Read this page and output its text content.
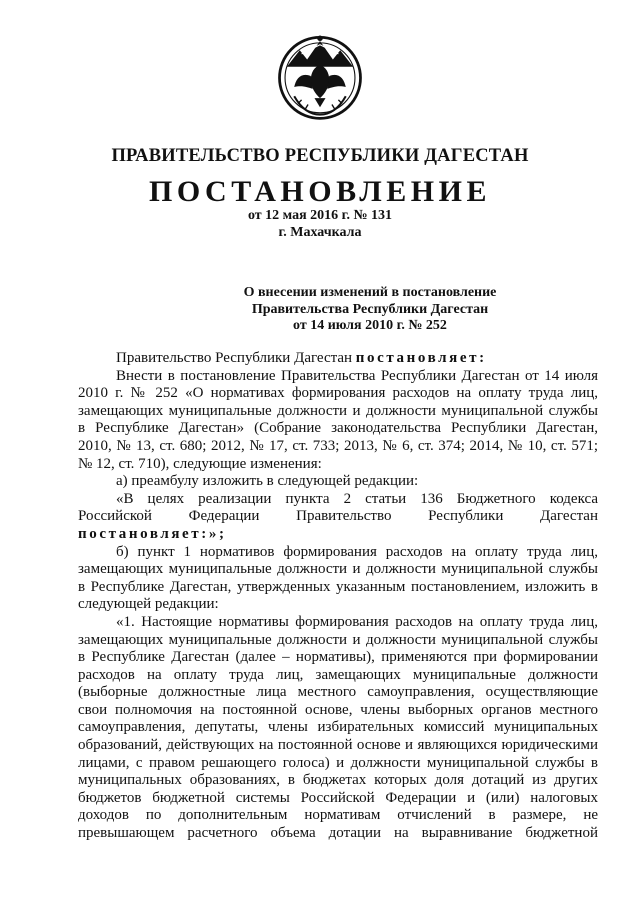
ПРАВИТЕЛЬСТВО РЕСПУБЛИКИ ДАГЕСТАН
ПОСТАНОВЛЕНИЕ
от 12 мая 2016 г. № 131
г. Махачкала
О внесении изменений в постановление
Правительства Республики Дагестан
от 14 июля 2010 г. № 252
Правительство Республики Дагестан постановляет:
Внести в постановление Правительства Республики Дагестан от 14 июля
2010 г. № 252 «О нормативах формирования расходов на оплату труда лиц,
замещающих муниципальные должности и должности муниципальной службы
в Республике Дагестан» (Собрание законодательства Республики Дагестан,
2010, № 13, ст. 680; 2012, № 17, ст. 733; 2013, № 6, ст. 374; 2014, № 10, ст. 571;
№ 12, ст. 710), следующие изменения:
а) преамбулу изложить в следующей редакции:
«В целях реализации пункта 2 статьи 136 Бюджетного кодекса
Российской Федерации Правительство Республики Дагестан
постановляет:»;
б) пункт 1 нормативов формирования расходов на оплату труда лиц,
замещающих муниципальные должности и должности муниципальной службы
в Республике Дагестан, утвержденных указанным постановлением, изложить в
следующей редакции:
«1. Настоящие нормативы формирования расходов на оплату труда лиц,
замещающих муниципальные должности и должности муниципальной службы
в Республике Дагестан (далее – нормативы), применяются при формировании
расходов на оплату труда лиц, замещающих муниципальные должности
(выборные должностные лица местного самоуправления, осуществляющие
свои полномочия на постоянной основе, члены выборных органов местного
самоуправления, депутаты, члены избирательных комиссий муниципальных
образований, действующих на постоянной основе и являющихся юридическими
лицами, с правом решающего голоса) и должности муниципальной службы в
муниципальных образованиях, в бюджетах которых доля дотаций из других
бюджетов бюджетной системы Российской Федерации и (или) налоговых
доходов по дополнительным нормативам отчислений в размере, не
превышающем расчетного объема дотации на выравнивание бюджетной
